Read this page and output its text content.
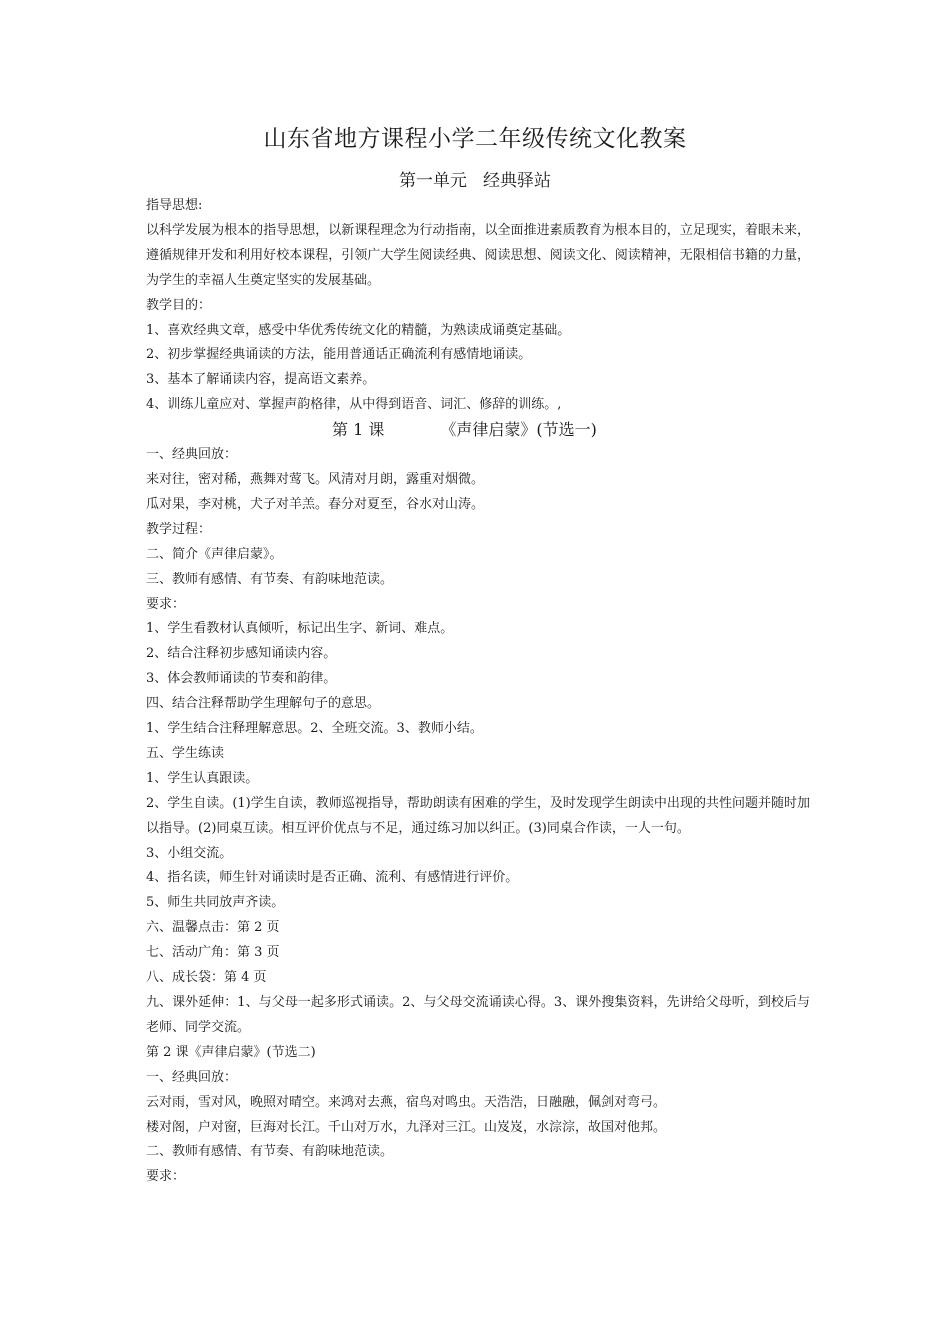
山东省地方课程小学二年级传统文化教案
第一单元 经典驿站

指导思想:

以科学发展为根本的指导思想，以新课程理念为行动指南，以全面推进素质教育为根本目的，立足现实，着眼未来，遵循规律开发和利用好校本课程，引领广大学生阅读经典、阅读思想、阅读文化、阅读精神，无限相信书籍的力量，为学生的幸福人生奠定坚实的发展基础。

教学目的：

1、喜欢经典文章，感受中华优秀传统文化的精髓，为熟读成诵奠定基础。

2、初步掌握经典诵读的方法，能用普通话正确流利有感情地诵读。

3、基本了解诵读内容，提高语文素养。

4、训练儿童应对、掌握声韵格律，从中得到语音、词汇、修辞的训练。,

第 1 课	《声律启蒙》(节选一)

一、经典回放：

来对往，密对稀，燕舞对莺飞。风清对月朗，露重对烟微。

瓜对果，李对桃，犬子对羊羔。春分对夏至，谷水对山涛。

教学过程：

二、简介《声律启蒙》。

三、教师有感情、有节奏、有韵味地范读。

要求：

1、学生看教材认真倾听，标记出生字、新词、难点。

2、结合注释初步感知诵读内容。

3、体会教师诵读的节奏和韵律。

四、结合注释帮助学生理解句子的意思。

1、学生结合注释理解意思。2、全班交流。3、教师小结。

五、学生练读

1、学生认真跟读。

2、学生自读。(1)学生自读，教师巡视指导，帮助朗读有困难的学生，及时发现学生朗读中出现的共性问题并随时加以指导。(2)同桌互读。相互评价优点与不足，通过练习加以纠正。(3)同桌合作读，一人一句。

3、小组交流。

4、指名读，师生针对诵读时是否正确、流利、有感情进行评价。

5、师生共同放声齐读。

六、温馨点击：第 2 页

七、活动广角：第 3 页

八、成长袋：第 4 页

九、课外延伸：1、与父母一起多形式诵读。2、与父母交流诵读心得。3、课外搜集资料，先讲给父母听，到校后与老师、同学交流。

第 2 课《声律启蒙》(节选二)

一、经典回放：

云对雨，雪对风，晚照对晴空。来鸿对去燕，宿鸟对鸣虫。天浩浩，日融融，佩剑对弯弓。

楼对阁，户对窗，巨海对长江。千山对万水，九泽对三江。山岌岌，水淙淙，故国对他邦。

二、教师有感情、有节奏、有韵味地范读。

要求：
